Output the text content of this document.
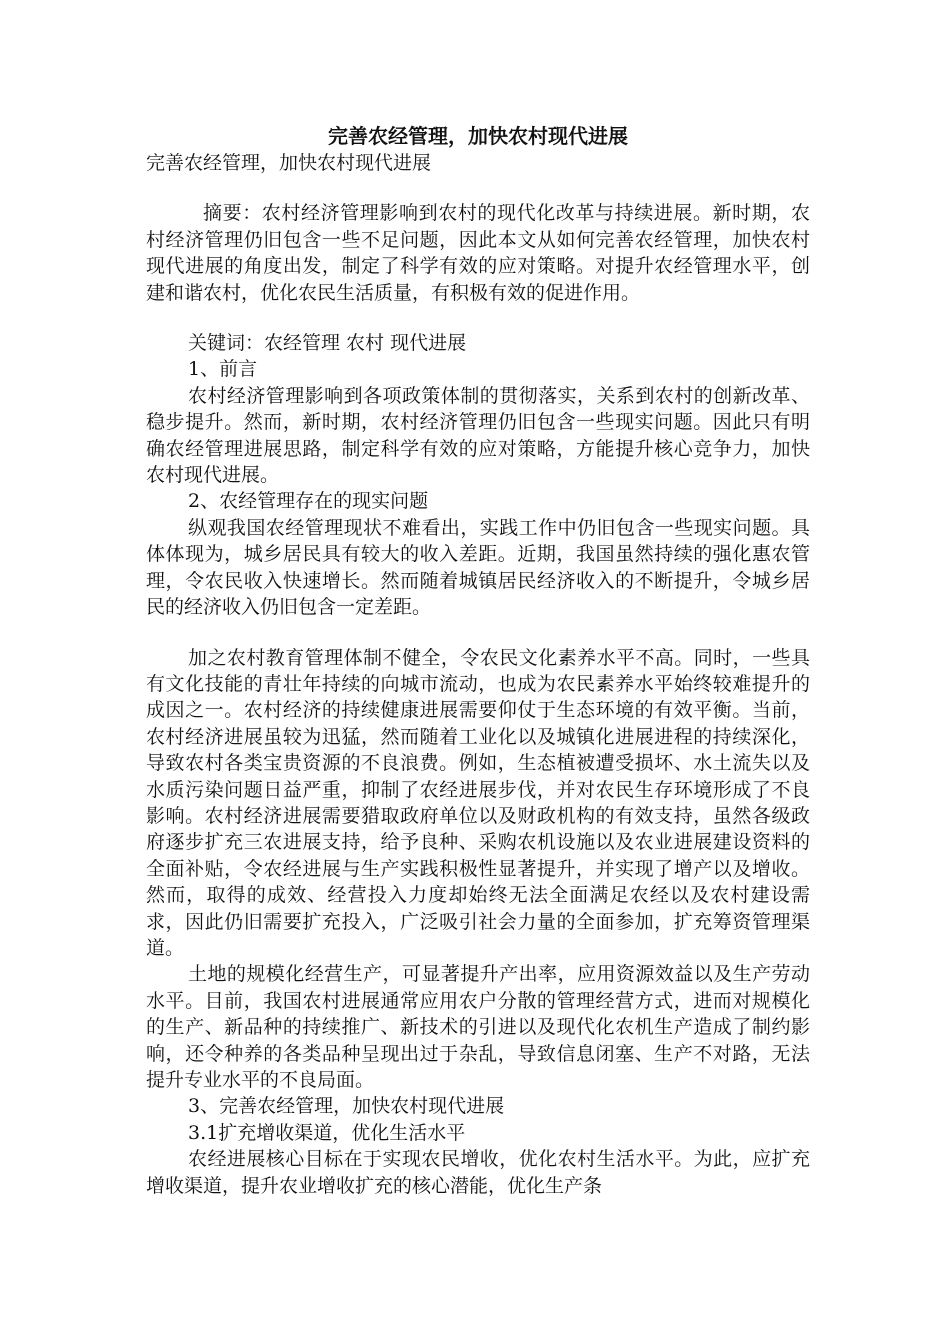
完善农经管理，加快农村现代进展

完善农经管理，加快农村现代进展

摘要：农村经济管理影响到农村的现代化改革与持续进展。新时期，农村经济管理仍旧包含一些不足问题，因此本文从如何完善农经管理，加快农村现代进展的角度出发，制定了科学有效的应对策略。对提升农经管理水平，创建和谐农村，优化农民生活质量，有积极有效的促进作用。

关键词：农经管理 农村 现代进展

1、前言

农村经济管理影响到各项政策体制的贯彻落实，关系到农村的创新改革、稳步提升。然而，新时期，农村经济管理仍旧包含一些现实问题。因此只有明确农经管理进展思路，制定科学有效的应对策略，方能提升核心竞争力，加快农村现代进展。

2、农经管理存在的现实问题

纵观我国农经管理现状不难看出，实践工作中仍旧包含一些现实问题。具体体现为，城乡居民具有较大的收入差距。近期，我国虽然持续的强化惠农管理，令农民收入快速增长。然而随着城镇居民经济收入的不断提升，令城乡居民的经济收入仍旧包含一定差距。

加之农村教育管理体制不健全，令农民文化素养水平不高。同时，一些具有文化技能的青壮年持续的向城市流动，也成为农民素养水平始终较难提升的成因之一。农村经济的持续健康进展需要仰仗于生态环境的有效平衡。当前，农村经济进展虽较为迅猛，然而随着工业化以及城镇化进展进程的持续深化，导致农村各类宝贵资源的不良浪费。例如，生态植被遭受损坏、水土流失以及水质污染问题日益严重，抑制了农经进展步伐，并对农民生存环境形成了不良影响。农村经济进展需要猎取政府单位以及财政机构的有效支持，虽然各级政府逐步扩充三农进展支持，给予良种、采购农机设施以及农业进展建设资料的全面补贴，令农经进展与生产实践积极性显著提升，并实现了增产以及增收。然而，取得的成效、经营投入力度却始终无法全面满足农经以及农村建设需求，因此仍旧需要扩充投入，广泛吸引社会力量的全面参加，扩充筹资管理渠道。

土地的规模化经营生产，可显著提升产出率，应用资源效益以及生产劳动水平。目前，我国农村进展通常应用农户分散的管理经营方式，进而对规模化的生产、新品种的持续推广、新技术的引进以及现代化农机生产造成了制约影响，还令种养的各类品种呈现出过于杂乱，导致信息闭塞、生产不对路，无法提升专业水平的不良局面。

3、完善农经管理，加快农村现代进展

3.1扩充增收渠道，优化生活水平

农经进展核心目标在于实现农民增收，优化农村生活水平。为此，应扩充增收渠道，提升农业增收扩充的核心潜能，优化生产条
